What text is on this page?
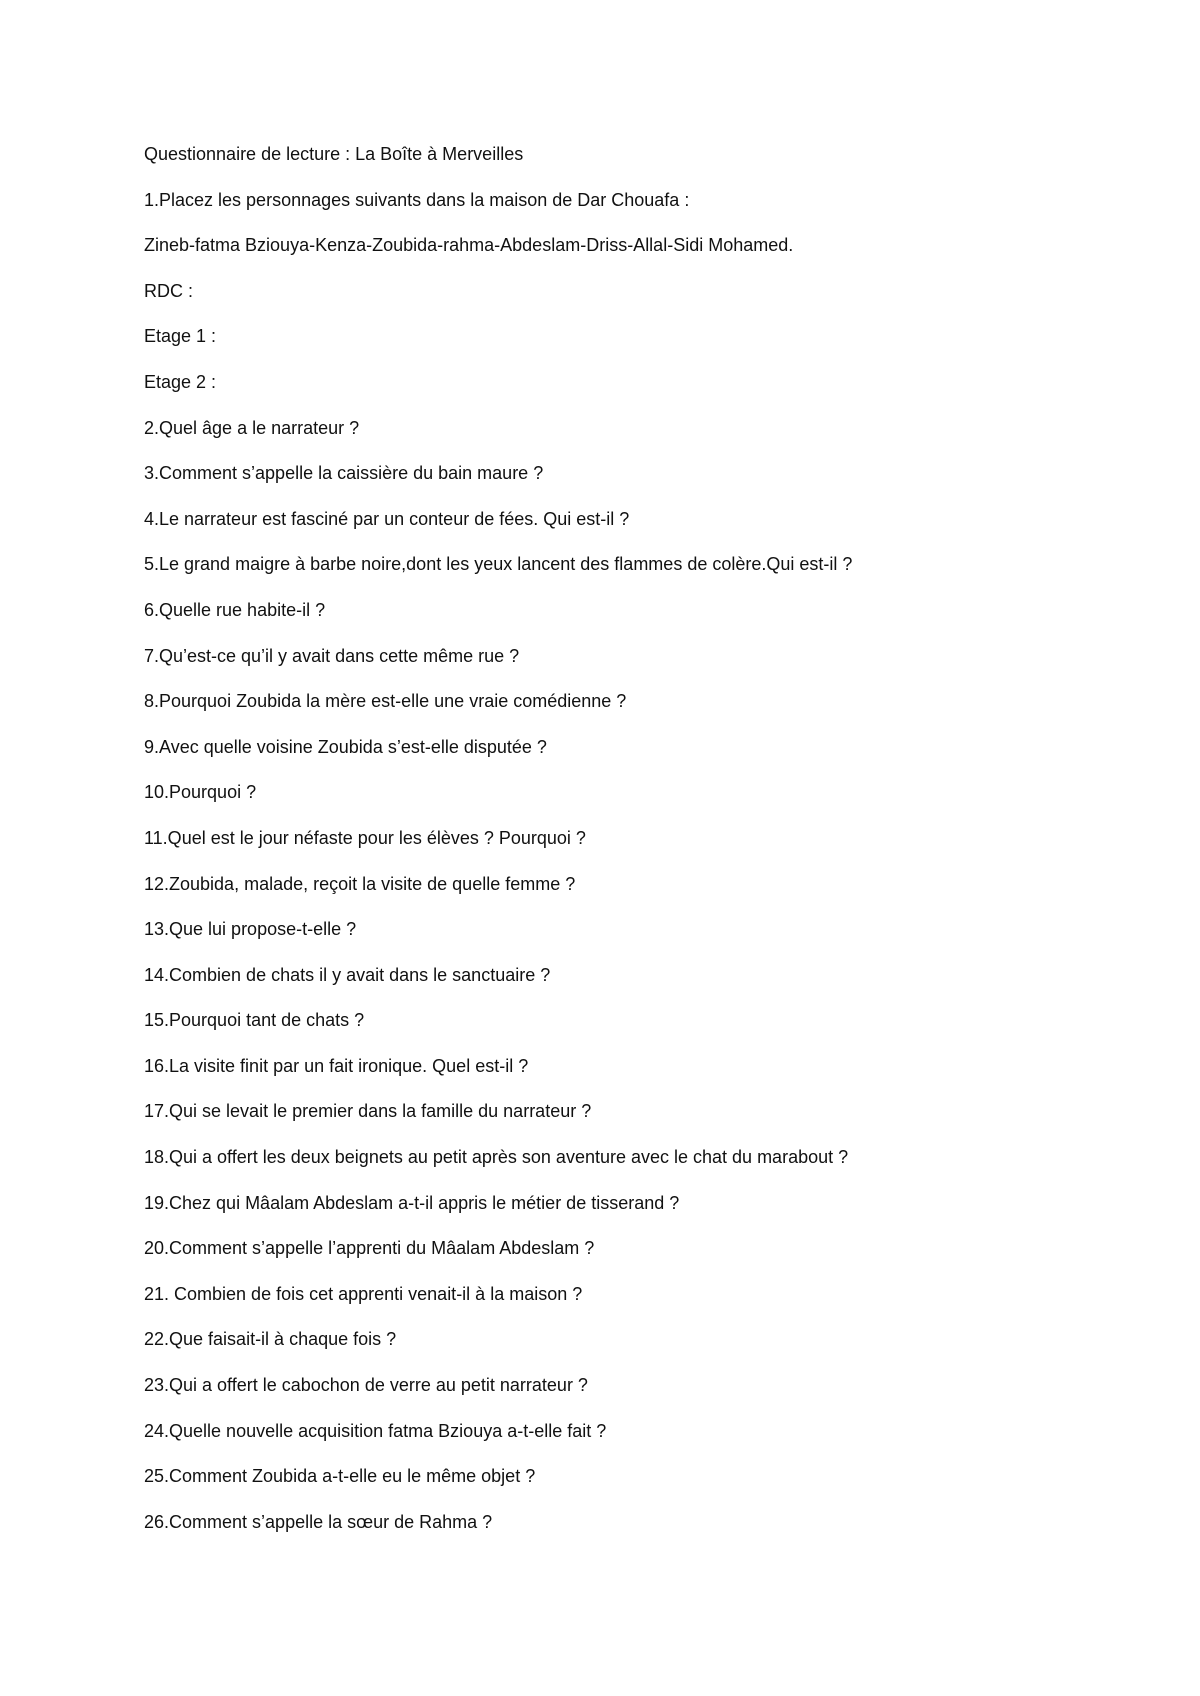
Questionnaire de lecture : La Boîte à Merveilles
1.Placez les personnages suivants dans la maison de Dar Chouafa :
Zineb-fatma Bziouya-Kenza-Zoubida-rahma-Abdeslam-Driss-Allal-Sidi Mohamed.
RDC :
Etage 1 :
Etage 2 :
2.Quel âge a le narrateur ?
3.Comment s’appelle la caissière du bain maure ?
4.Le narrateur est fasciné par un conteur de fées. Qui est-il ?
5.Le grand maigre à barbe noire,dont les yeux lancent des flammes de colère.Qui est-il ?
6.Quelle rue habite-il ?
7.Qu’est-ce qu’il y avait dans cette même rue ?
8.Pourquoi Zoubida la mère est-elle une vraie comédienne ?
9.Avec quelle voisine Zoubida s’est-elle disputée ?
10.Pourquoi ?
11.Quel est le jour néfaste pour les élèves ? Pourquoi ?
12.Zoubida, malade, reçoit la visite de quelle femme ?
13.Que lui propose-t-elle ?
14.Combien de chats il y avait dans le sanctuaire ?
15.Pourquoi tant de chats ?
16.La visite finit par un fait ironique. Quel est-il ?
17.Qui se levait le premier dans la famille du narrateur ?
18.Qui a offert les deux beignets au petit après son aventure avec le chat du marabout ?
19.Chez qui Mâalam Abdeslam a-t-il appris le métier de tisserand ?
20.Comment s’appelle l’apprenti du Mâalam Abdeslam ?
21. Combien de fois cet apprenti venait-il à la maison ?
22.Que faisait-il à chaque fois ?
23.Qui a offert le cabochon de verre au petit narrateur ?
24.Quelle nouvelle acquisition fatma Bziouya a-t-elle fait ?
25.Comment Zoubida a-t-elle eu le même objet ?
26.Comment s’appelle la sœur de Rahma ?
